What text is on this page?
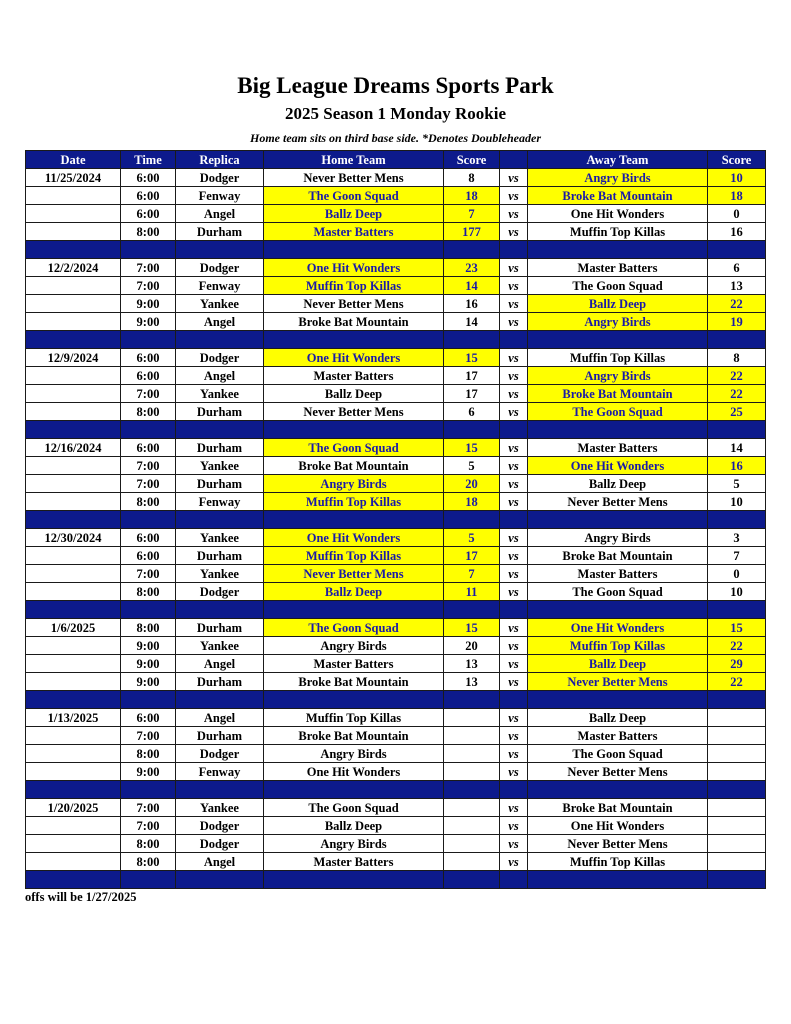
Big League Dreams Sports Park
2025 Season 1 Monday Rookie
Home team sits on third base side. *Denotes Doubleheader
Date	Time	Replica	Home Team	Score		Away Team	Score
11/25/2024	6:00	Dodger	Never Better Mens	8	vs	Angry Birds	10
	6:00	Fenway	The Goon Squad	18	vs	Broke Bat Mountain	18
	6:00	Angel	Ballz Deep	7	vs	One Hit Wonders	0
	8:00	Durham	Master Batters	177	vs	Muffin Top Killas	16

12/2/2024	7:00	Dodger	One Hit Wonders	23	vs	Master Batters	6
	7:00	Fenway	Muffin Top Killas	14	vs	The Goon Squad	13
	9:00	Yankee	Never Better Mens	16	vs	Ballz Deep	22
	9:00	Angel	Broke Bat Mountain	14	vs	Angry Birds	19

12/9/2024	6:00	Dodger	One Hit Wonders	15	vs	Muffin Top Killas	8
	6:00	Angel	Master Batters	17	vs	Angry Birds	22
	7:00	Yankee	Ballz Deep	17	vs	Broke Bat Mountain	22
	8:00	Durham	Never Better Mens	6	vs	The Goon Squad	25

12/16/2024	6:00	Durham	The Goon Squad	15	vs	Master Batters	14
	7:00	Yankee	Broke Bat Mountain	5	vs	One Hit Wonders	16
	7:00	Durham	Angry Birds	20	vs	Ballz Deep	5
	8:00	Fenway	Muffin Top Killas	18	vs	Never Better Mens	10

12/30/2024	6:00	Yankee	One Hit Wonders	5	vs	Angry Birds	3
	6:00	Durham	Muffin Top Killas	17	vs	Broke Bat Mountain	7
	7:00	Yankee	Never Better Mens	7	vs	Master Batters	0
	8:00	Dodger	Ballz Deep	11	vs	The Goon Squad	10

1/6/2025	8:00	Durham	The Goon Squad	15	vs	One Hit Wonders	15
	9:00	Yankee	Angry Birds	20	vs	Muffin Top Killas	22
	9:00	Angel	Master Batters	13	vs	Ballz Deep	29
	9:00	Durham	Broke Bat Mountain	13	vs	Never Better Mens	22

1/13/2025	6:00	Angel	Muffin Top Killas		vs	Ballz Deep	
	7:00	Durham	Broke Bat Mountain		vs	Master Batters	
	8:00	Dodger	Angry Birds		vs	The Goon Squad	
	9:00	Fenway	One Hit Wonders		vs	Never Better Mens	

1/20/2025	7:00	Yankee	The Goon Squad		vs	Broke Bat Mountain	
	7:00	Dodger	Ballz Deep		vs	One Hit Wonders	
	8:00	Dodger	Angry Birds		vs	Never Better Mens	
	8:00	Angel	Master Batters		vs	Muffin Top Killas	

offs will be 1/27/2025
